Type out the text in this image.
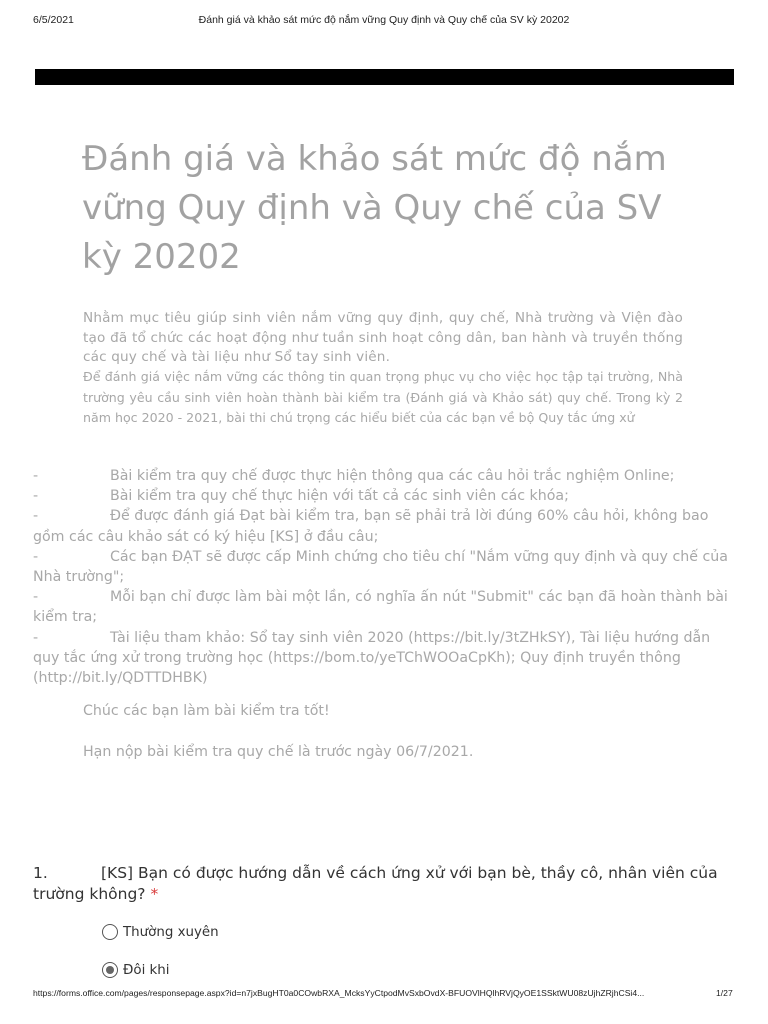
6/5/2021	Đánh giá và khảo sát mức độ nắm vững Quy định và Quy chế của SV kỳ 20202
Đánh giá và khảo sát mức độ nắm vững Quy định và Quy chế của SV kỳ 20202

Nhằm mục tiêu giúp sinh viên nắm vững quy định, quy chế, Nhà trường và Viện đào tạo đã tổ chức các hoạt động như tuần sinh hoạt công dân, ban hành và truyền thống các quy chế và tài liệu như Sổ tay sinh viên.

Để đánh giá việc nắm vững các thông tin quan trọng phục vụ cho việc học tập tại trường, Nhà trường yêu cầu sinh viên hoàn thành bài kiểm tra (Đánh giá và Khảo sát) quy chế. Trong kỳ 2 năm học 2020 - 2021, bài thi chú trọng các hiểu biết của các bạn về bộ Quy tắc ứng xử

-	Bài kiểm tra quy chế được thực hiện thông qua các câu hỏi trắc nghiệm Online;

-	Bài kiểm tra quy chế thực hiện với tất cả các sinh viên các khóa;

-	Để được đánh giá Đạt bài kiểm tra, bạn sẽ phải trả lời đúng 60% câu hỏi, không bao gồm các câu khảo sát có ký hiệu [KS] ở đầu câu;

-	Các bạn ĐẠT sẽ được cấp Minh chứng cho tiêu chí "Nắm vững quy định và quy chế của Nhà trường";

-	Mỗi bạn chỉ được làm bài một lần, có nghĩa ấn nút "Submit" các bạn đã hoàn thành bài kiểm tra;

-	Tài liệu tham khảo: Sổ tay sinh viên 2020 (https://bit.ly/3tZHkSY), Tài liệu hướng dẫn quy tắc ứng xử trong trường học (https://bom.to/yeTChWOOaCpKh); Quy định truyền thông (http://bit.ly/QDTTDHBK)

Chúc các bạn làm bài kiểm tra tốt!

Hạn nộp bài kiểm tra quy chế là trước ngày 06/7/2021.

1.	[KS] Bạn có được hướng dẫn về cách ứng xử với bạn bè, thầy cô, nhân viên của trường không? *
Thường xuyên
Đôi khi
https://forms.office.com/pages/responsepage.aspx?id=n7jxBugHT0a0COwbRXA_McksYyCtpodMvSxbOvdX-BFUOVlHQlhRVjQyOE1SSktWU08zUjhZRjhCSi4...	1/27
